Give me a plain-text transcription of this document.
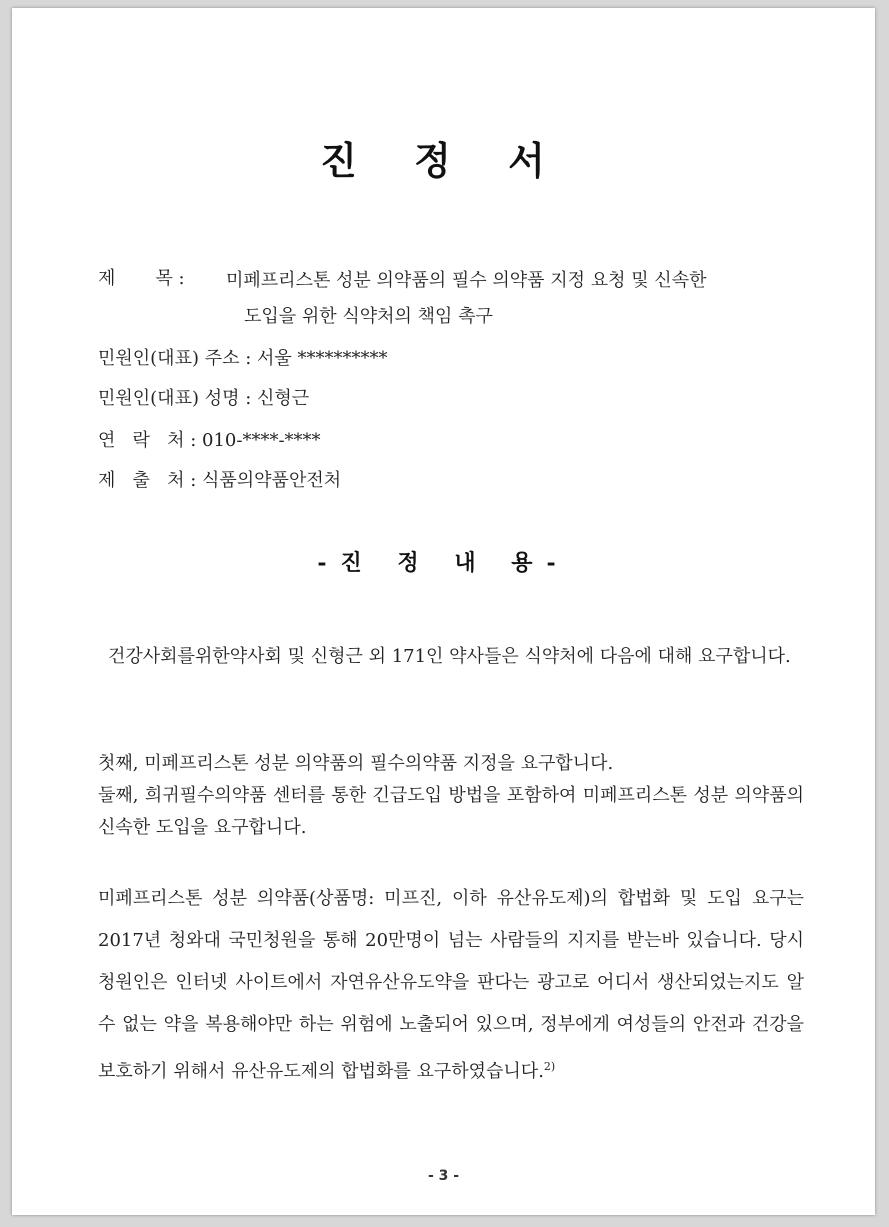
진 정 서
제       목 : 미페프리스톤 성분 의약품의 필수 의약품 지정 요청 및 신속한
도입을 위한 식약처의 책임 촉구
민원인(대표) 주소 : 서울 **********
민원인(대표) 성명 : 신형근
연   락   처 : 010-****-****
제   출   처 : 식품의약품안전처
-진 정 내 용-
건강사회를위한약사회 및 신형근 외 171인 약사들은 식약처에 다음에 대해 요구합니다.
첫째, 미페프리스톤 성분 의약품의 필수의약품 지정을 요구합니다.
둘째, 희귀필수의약품 센터를 통한 긴급도입 방법을 포함하여 미페프리스톤 성분 의약품의 신속한 도입을 요구합니다.
미페프리스톤 성분 의약품(상품명: 미프진, 이하 유산유도제)의 합법화 및 도입 요구는 2017년 청와대 국민청원을 통해 20만명이 넘는 사람들의 지지를 받는바 있습니다. 당시 청원인은 인터넷 사이트에서 자연유산유도약을 판다는 광고로 어디서 생산되었는지도 알 수 없는 약을 복용해야만 하는 위험에 노출되어 있으며, 정부에게 여성들의 안전과 건강을 보호하기 위해서 유산유도제의 합법화를 요구하였습니다.$^{2)}$
- 3 -
